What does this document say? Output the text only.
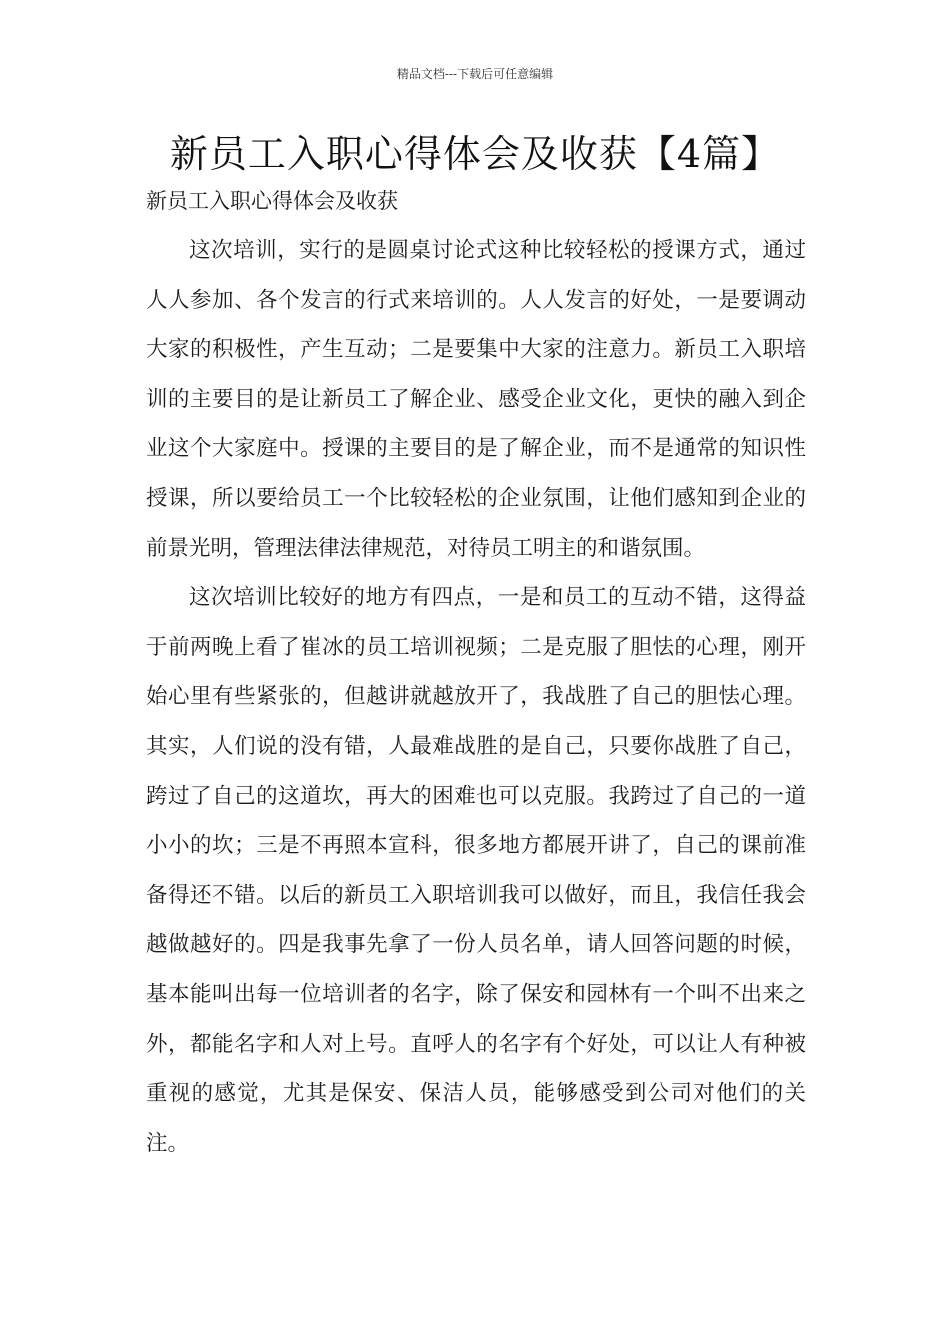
精品文档---下载后可任意编辑
新员工入职心得体会及收获【4篇】
新员工入职心得体会及收获

这次培训，实行的是圆桌讨论式这种比较轻松的授课方式，通过人人参加、各个发言的行式来培训的。人人发言的好处，一是要调动大家的积极性，产生互动；二是要集中大家的注意力。新员工入职培训的主要目的是让新员工了解企业、感受企业文化，更快的融入到企业这个大家庭中。授课的主要目的是了解企业，而不是通常的知识性授课，所以要给员工一个比较轻松的企业氛围，让他们感知到企业的前景光明，管理法律法律规范，对待员工明主的和谐氛围。

这次培训比较好的地方有四点，一是和员工的互动不错，这得益于前两晚上看了崔冰的员工培训视频；二是克服了胆怯的心理，刚开始心里有些紧张的，但越讲就越放开了，我战胜了自己的胆怯心理。其实，人们说的没有错，人最难战胜的是自己，只要你战胜了自己，跨过了自己的这道坎，再大的困难也可以克服。我跨过了自己的一道小小的坎；三是不再照本宣科，很多地方都展开讲了，自己的课前准备得还不错。以后的新员工入职培训我可以做好，而且，我信任我会越做越好的。四是我事先拿了一份人员名单，请人回答问题的时候，基本能叫出每一位培训者的名字，除了保安和园林有一个叫不出来之外，都能名字和人对上号。直呼人的名字有个好处，可以让人有种被重视的感觉，尤其是保安、保洁人员，能够感受到公司对他们的关注。
